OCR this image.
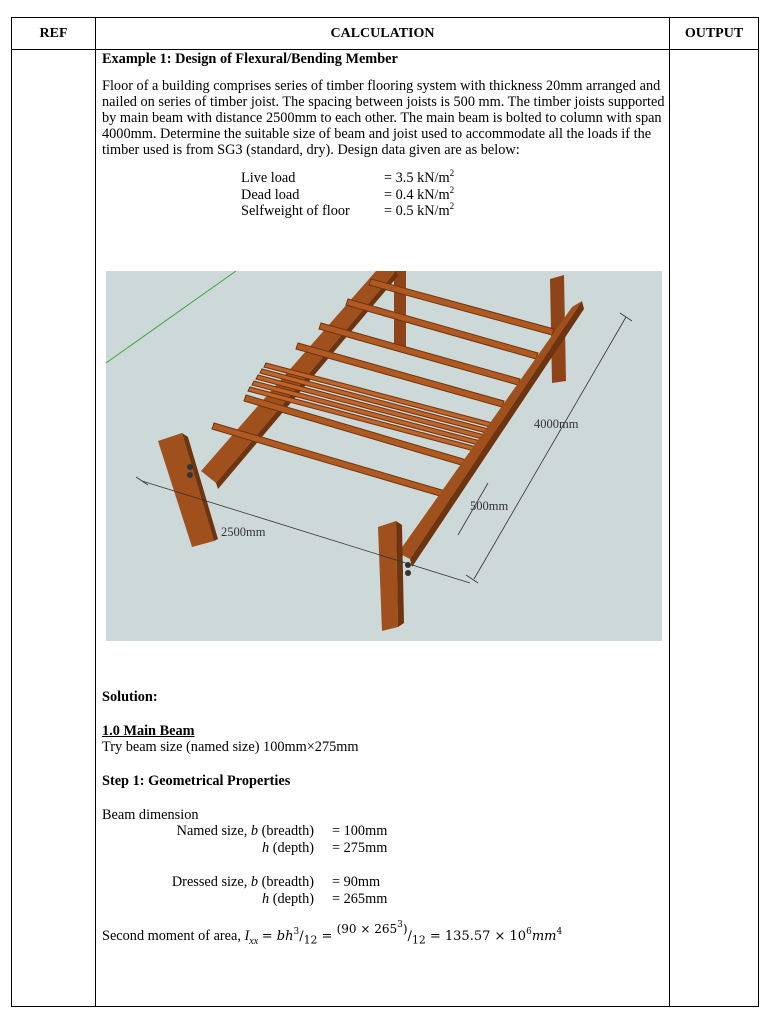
REF	CALCULATION	OUTPUT

Example 1: Design of Flexural/Bending Member

Floor of a building comprises series of timber flooring system with thickness 20mm arranged and nailed on series of timber joist. The spacing between joists is 500 mm. The timber joists supported by main beam with distance 2500mm to each other. The main beam is bolted to column with span 4000mm. Determine the suitable size of beam and joist used to accommodate all the loads if the timber used is from SG3 (standard, dry). Design data given are as below:

Live load	= 3.5 $kN/m^2$
Dead load	= 0.4 $kN/m^2$
Selfweight of floor	= 0.5 $kN/m^2$
4000mm
500mm
2500mm
Solution:
1.0 Main Beam
Try beam size (named size) 100mm×275mm
Step 1: Geometrical Properties
Beam dimension
Named size, b (breadth) = 100mm
h (depth) = 275mm
Dressed size, b (breadth) = 90mm
h (depth) = 265mm
Second moment of area, $I_{xx} = bh^3/_{12} = ^{(90 \times 265^3)}/_{12} = 135.57 \times 10^6mm^4$
